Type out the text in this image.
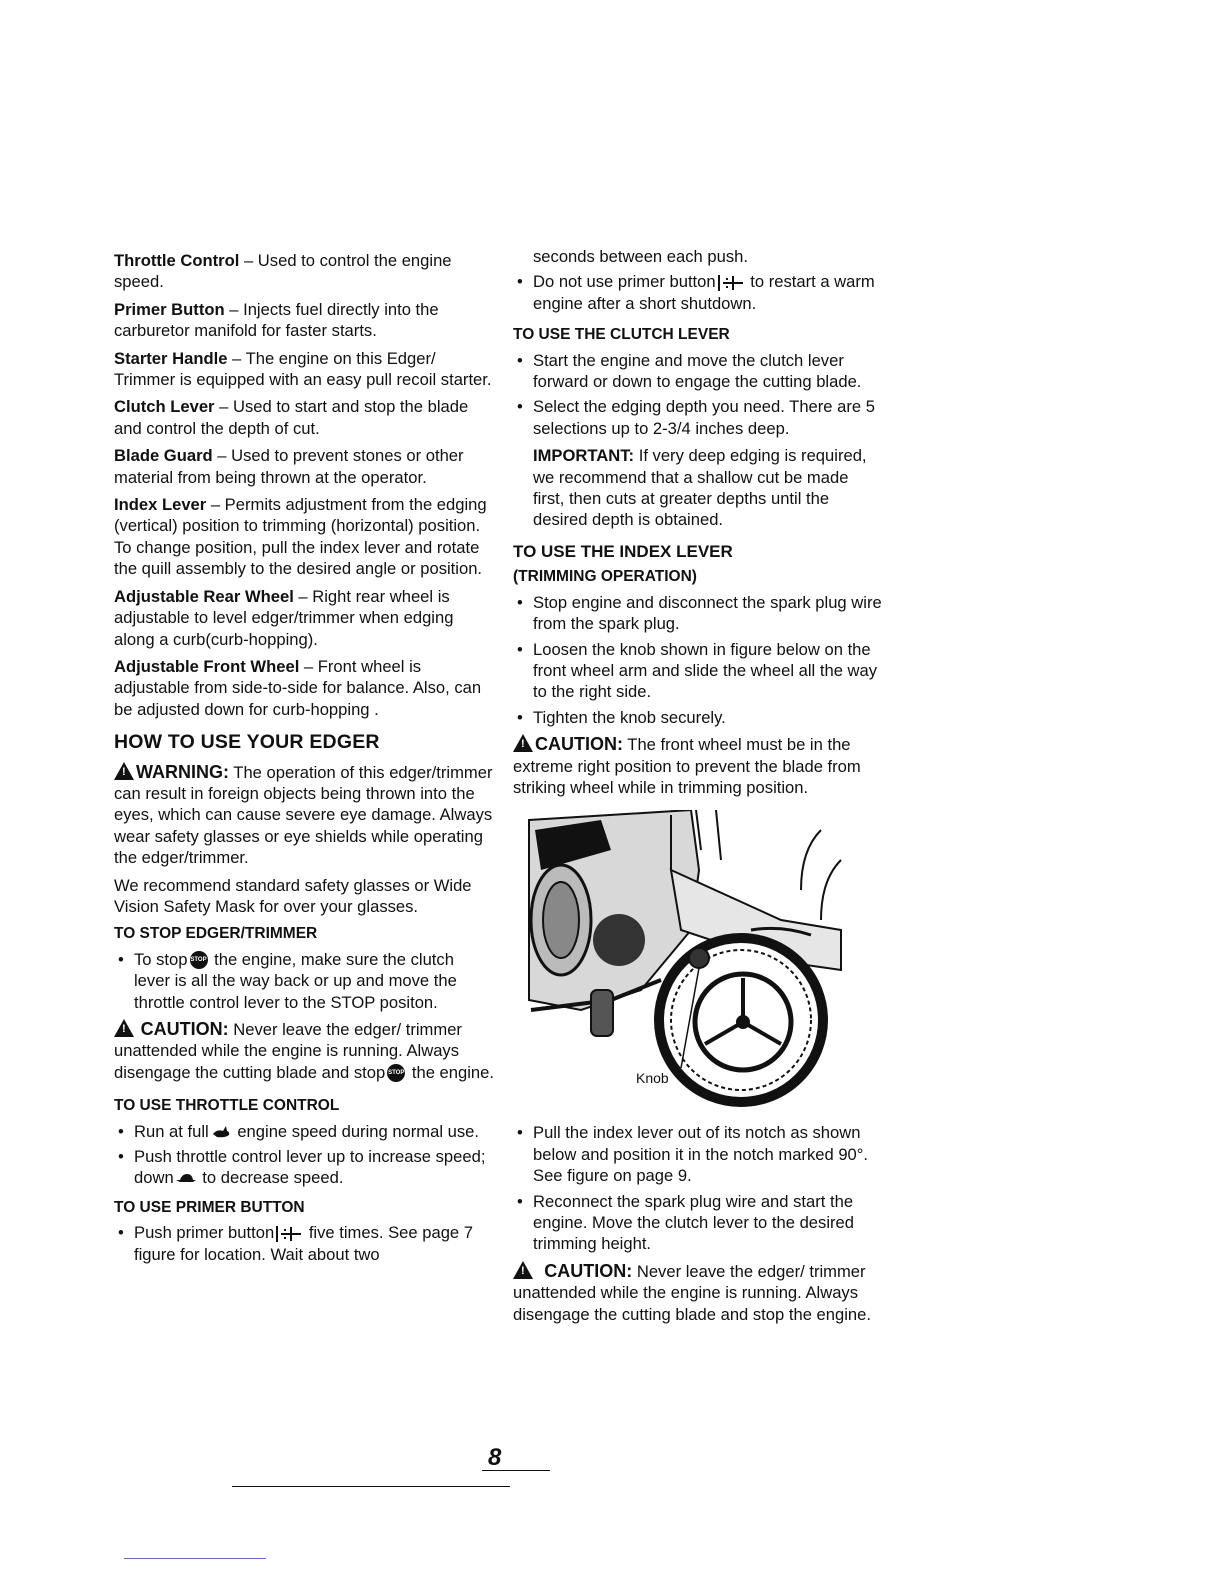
Throttle Control – Used to control the engine speed.

Primer Button – Injects fuel directly into the carburetor manifold for faster starts.

Starter Handle – The engine on this Edger/ Trimmer is equipped with an easy pull recoil starter.

Clutch Lever – Used to start and stop the blade and control the depth of cut.

Blade Guard – Used to prevent stones or other material from being thrown at the operator.

Index Lever – Permits adjustment from the edging (vertical) position to trimming (horizontal) position. To change position, pull the index lever and rotate the quill assembly to the desired angle or position.

Adjustable Rear Wheel – Right rear wheel is adjustable to level edger/trimmer when edging along a curb(curb-hopping).

Adjustable Front Wheel – Front wheel is adjustable from side-to-side for balance. Also, can be adjusted down for curb-hopping .

HOW TO USE YOUR EDGER

!WARNING: The operation of this edger/trimmer can result in foreign objects being thrown into the eyes, which can cause severe eye damage. Always wear safety glasses or eye shields while operating the edger/trimmer.

We recommend standard safety glasses or Wide Vision Safety Mask for over your glasses.

TO STOP EDGER/TRIMMER
• To stop STOP the engine, make sure the clutch lever is all the way back or up and move the throttle control lever to the STOP positon.

! CAUTION: Never leave the edger/ trimmer unattended while the engine is running. Always disengage the cutting blade and stop STOP the engine.

TO USE THROTTLE CONTROL
• Run at full engine speed during normal use.
• Push throttle control lever up to increase speed; down to decrease speed.
TO USE PRIMER BUTTON
• Push primer button five times. See page 7 figure for location. Wait about two
seconds between each push.
• Do not use primer button to restart a warm engine after a short shutdown.
TO USE THE CLUTCH LEVER
• Start the engine and move the clutch lever forward or down to engage the cutting blade.
• Select the edging depth you need. There are 5 selections up to 2-3/4 inches deep.

IMPORTANT: If very deep edging is required, we recommend that a shallow cut be made first, then cuts at greater depths until the desired depth is obtained.

TO USE THE INDEX LEVER
(TRIMMING OPERATION)
• Stop engine and disconnect the spark plug wire from the spark plug.
• Loosen the knob shown in figure below on the front wheel arm and slide the wheel all the way to the right side.
• Tighten the knob securely.

!CAUTION: The front wheel must be in the extreme right position to prevent the blade from striking wheel while in trimming position.

Knob
• Pull the index lever out of its notch as shown below and position it in the notch marked 90°. See figure on page 9.
• Reconnect the spark plug wire and start the engine. Move the clutch lever to the desired trimming height.

!  CAUTION: Never leave the edger/ trimmer unattended while the engine is running. Always disengage the cutting blade and stop the engine.

8
